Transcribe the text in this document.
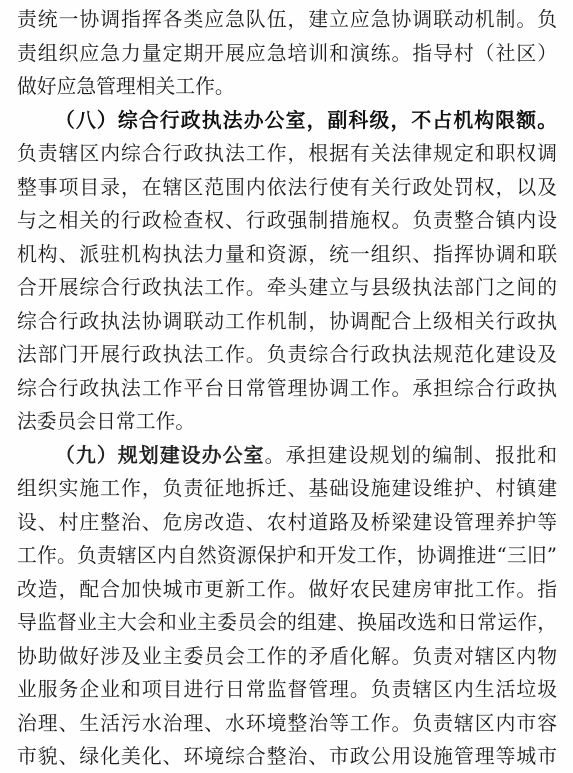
责统一协调指挥各类应急队伍，建立应急协调联动机制。负
责组织应急力量定期开展应急培训和演练。指导村（社区）
做好应急管理相关工作。
（八）综合行政执法办公室，副科级，不占机构限额。
负责辖区内综合行政执法工作，根据有关法律规定和职权调
整事项目录，在辖区范围内依法行使有关行政处罚权，以及
与之相关的行政检查权、行政强制措施权。负责整合镇内设
机构、派驻机构执法力量和资源，统一组织、指挥协调和联
合开展综合行政执法工作。牵头建立与县级执法部门之间的
综合行政执法协调联动工作机制，协调配合上级相关行政执
法部门开展行政执法工作。负责综合行政执法规范化建设及
综合行政执法工作平台日常管理协调工作。承担综合行政执
法委员会日常工作。
（九）规划建设办公室。承担建设规划的编制、报批和
组织实施工作，负责征地拆迁、基础设施建设维护、村镇建
设、村庄整治、危房改造、农村道路及桥梁建设管理养护等
工作。负责辖区内自然资源保护和开发工作，协调推进“三旧”
改造，配合加快城市更新工作。做好农民建房审批工作。指
导监督业主大会和业主委员会的组建、换届改选和日常运作，
协助做好涉及业主委员会工作的矛盾化解。负责对辖区内物
业服务企业和项目进行日常监督管理。负责辖区内生活垃圾
治理、生活污水治理、水环境整治等工作。负责辖区内市容
市貌、绿化美化、环境综合整治、市政公用设施管理等城市
